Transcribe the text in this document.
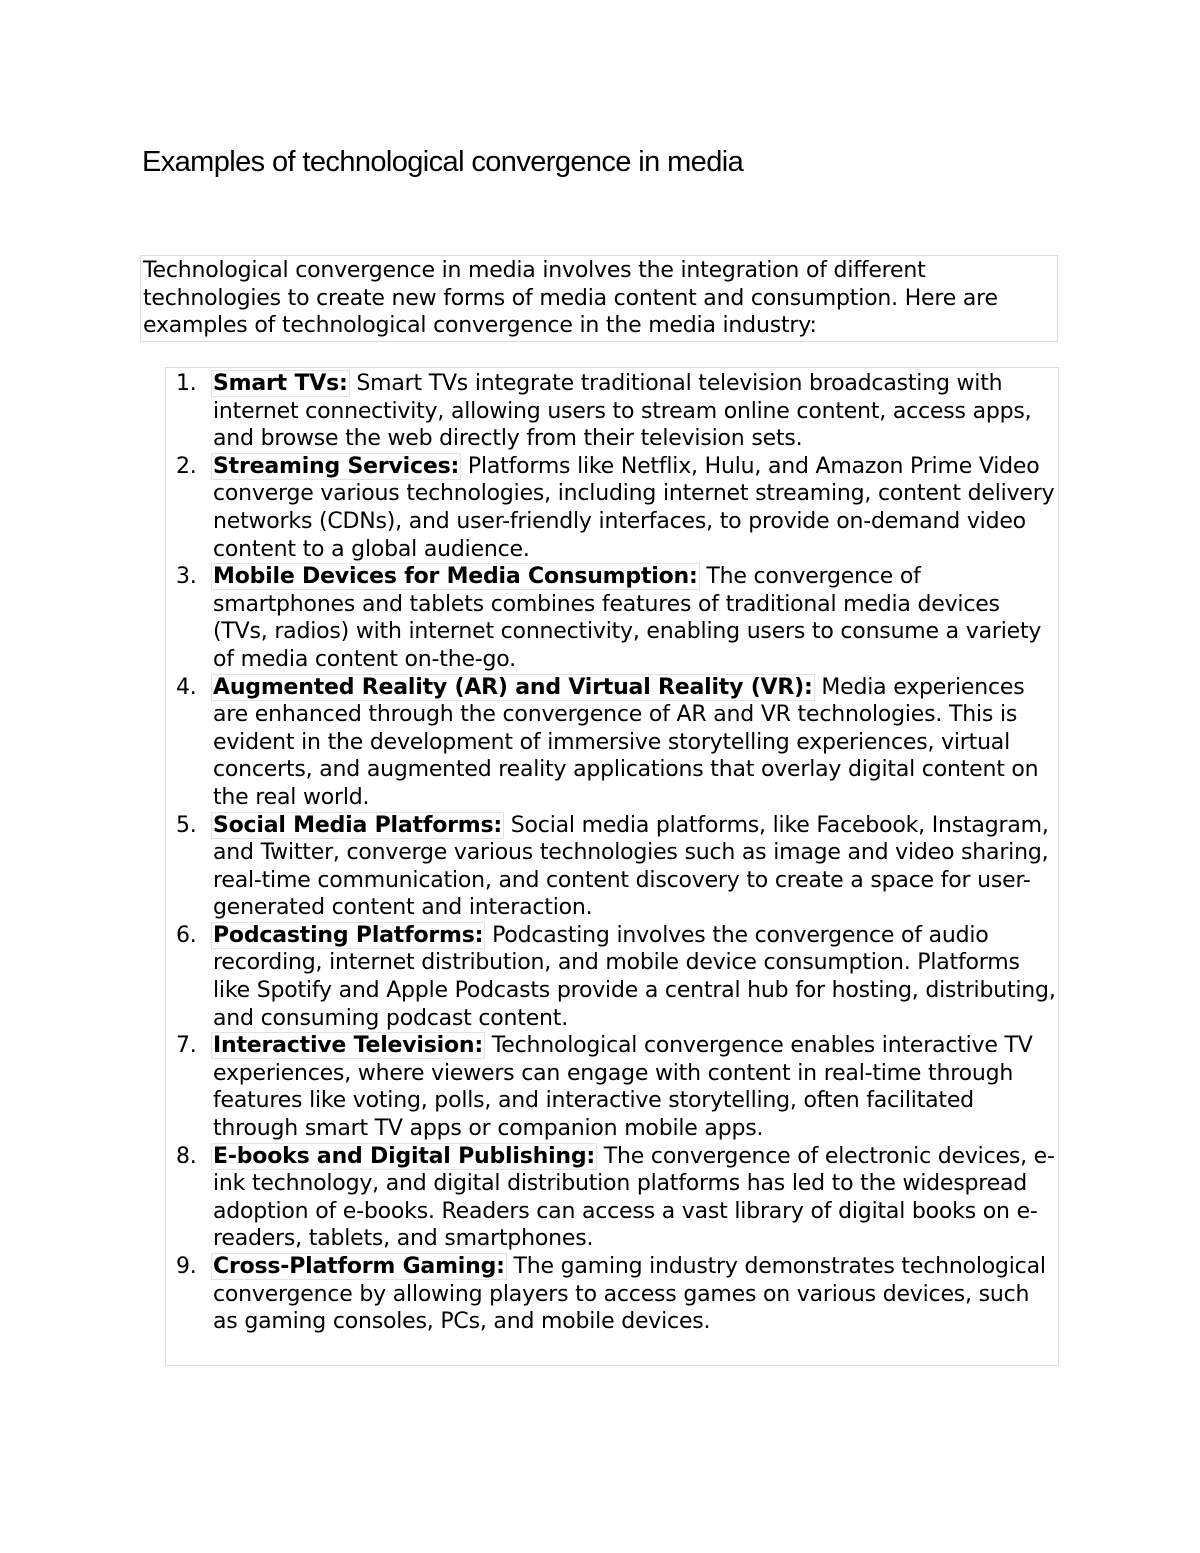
Examples of technological convergence in media

Technological convergence in media involves the integration of different technologies to create new forms of media content and consumption. Here are examples of technological convergence in the media industry:

1. Smart TVs: Smart TVs integrate traditional television broadcasting with internet connectivity, allowing users to stream online content, access apps, and browse the web directly from their television sets.
2. Streaming Services: Platforms like Netflix, Hulu, and Amazon Prime Video converge various technologies, including internet streaming, content delivery networks (CDNs), and user-friendly interfaces, to provide on-demand video content to a global audience.
3. Mobile Devices for Media Consumption: The convergence of smartphones and tablets combines features of traditional media devices (TVs, radios) with internet connectivity, enabling users to consume a variety of media content on-the-go.
4. Augmented Reality (AR) and Virtual Reality (VR): Media experiences are enhanced through the convergence of AR and VR technologies. This is evident in the development of immersive storytelling experiences, virtual concerts, and augmented reality applications that overlay digital content on the real world.
5. Social Media Platforms: Social media platforms, like Facebook, Instagram, and Twitter, converge various technologies such as image and video sharing, real-time communication, and content discovery to create a space for user-generated content and interaction.
6. Podcasting Platforms: Podcasting involves the convergence of audio recording, internet distribution, and mobile device consumption. Platforms like Spotify and Apple Podcasts provide a central hub for hosting, distributing, and consuming podcast content.
7. Interactive Television: Technological convergence enables interactive TV experiences, where viewers can engage with content in real-time through features like voting, polls, and interactive storytelling, often facilitated through smart TV apps or companion mobile apps.
8. E-books and Digital Publishing: The convergence of electronic devices, e-ink technology, and digital distribution platforms has led to the widespread adoption of e-books. Readers can access a vast library of digital books on e-readers, tablets, and smartphones.
9. Cross-Platform Gaming: The gaming industry demonstrates technological convergence by allowing players to access games on various devices, such as gaming consoles, PCs, and mobile devices.
